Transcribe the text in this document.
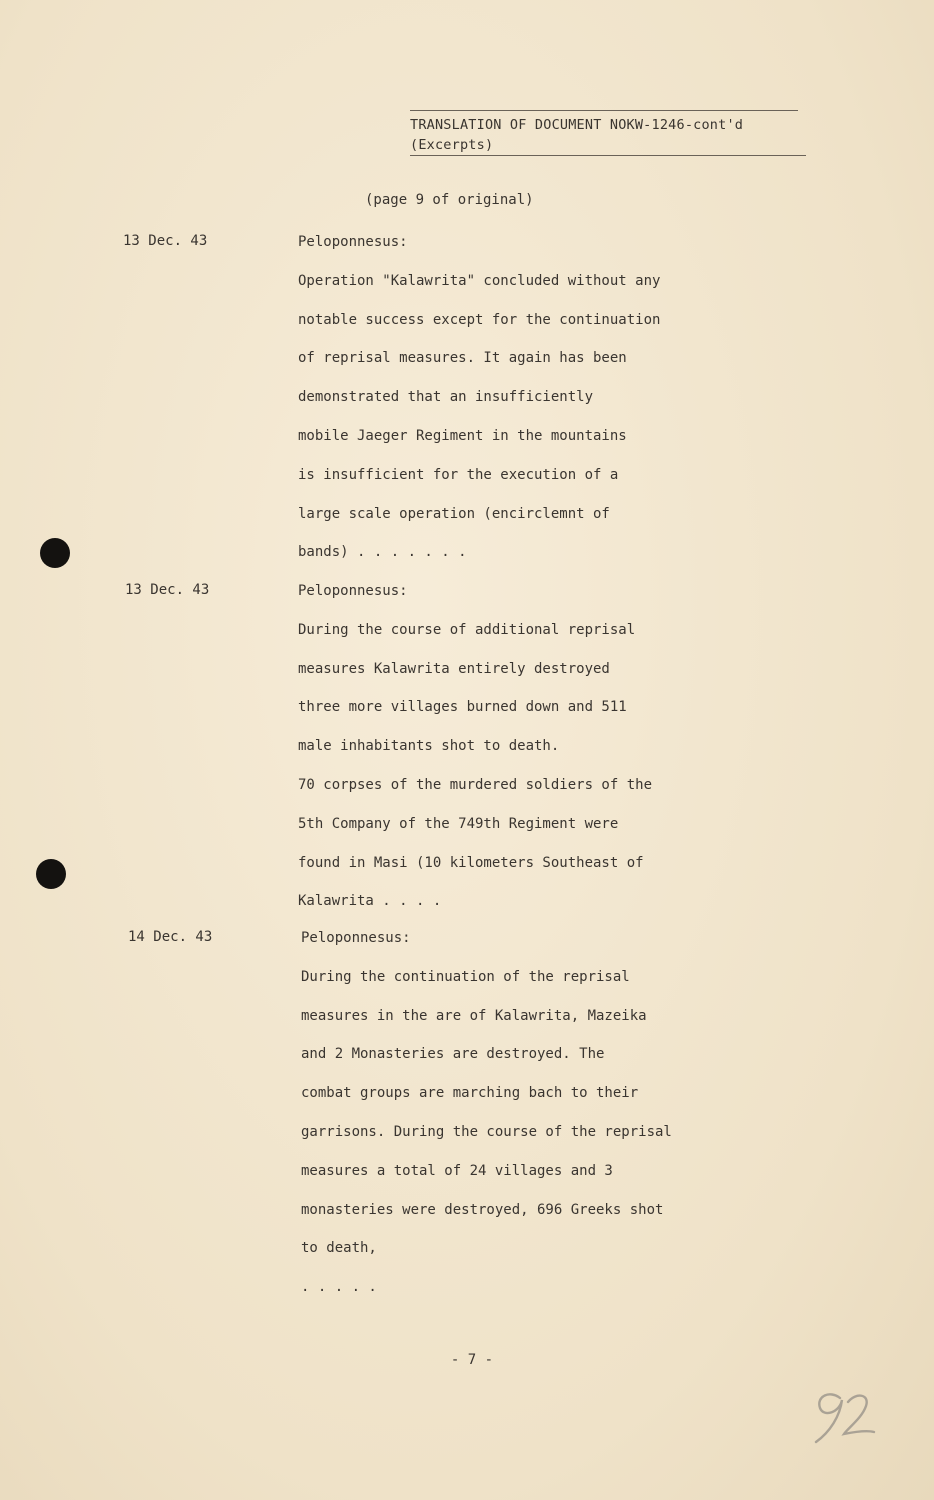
TRANSLATION OF DOCUMENT NOKW-1246-cont'd
(Excerpts)
(page 9 of original)
13 Dec. 43	Peloponnesus:
Operation "Kalawrita" concluded without any
notable success except for the continuation
of reprisal measures. It again has been
demonstrated that an insufficiently
mobile Jaeger Regiment in the mountains
is insufficient for the execution of a
large scale operation (encirclemnt of
bands) . . . . . . .
13 Dec. 43	Peloponnesus:
During the course of additional reprisal
measures Kalawrita entirely destroyed
three more villages burned down and 511
male inhabitants shot to death.
70 corpses of the murdered soldiers of the
5th Company of the 749th Regiment were
found in Masi (10 kilometers Southeast of
Kalawrita . . . .
14 Dec. 43	Peloponnesus:
During the continuation of the reprisal
measures in the are of Kalawrita, Mazeika
and 2 Monasteries are destroyed. The
combat groups are marching bach to their
garrisons. During the course of the reprisal
measures a total of 24 villages and 3
monasteries were destroyed, 696 Greeks shot
to death,
. . . . .
- 7 -
